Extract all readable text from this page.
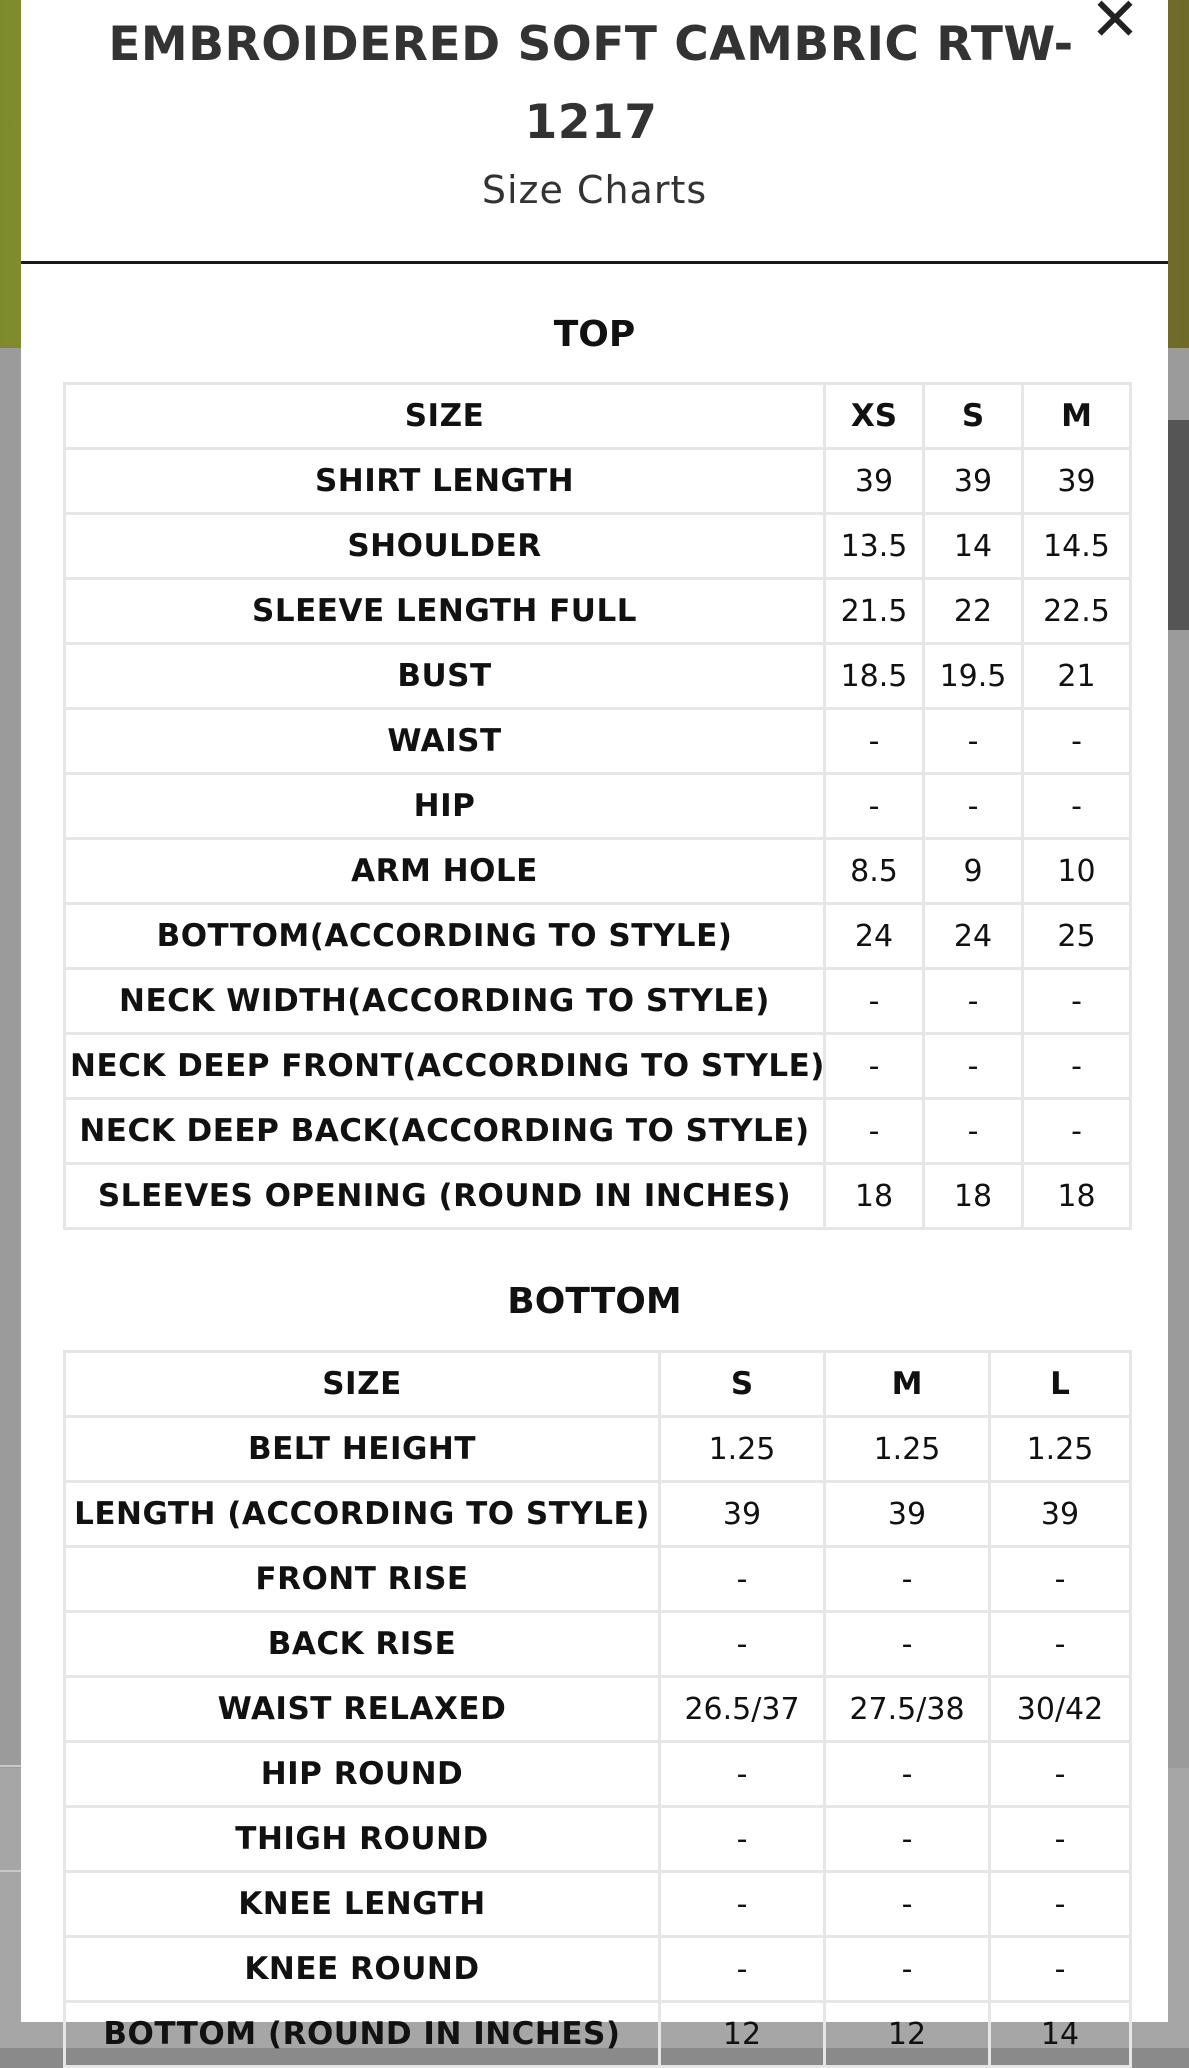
EMBROIDERED SOFT CAMBRIC RTW-1217
Size Charts
✕
TOP
SIZE	XS	S	M
SHIRT LENGTH	39	39	39
SHOULDER	13.5	14	14.5
SLEEVE LENGTH FULL	21.5	22	22.5
BUST	18.5	19.5	21
WAIST	-	-	-
HIP	-	-	-
ARM HOLE	8.5	9	10
BOTTOM(ACCORDING TO STYLE)	24	24	25
NECK WIDTH(ACCORDING TO STYLE)	-	-	-
NECK DEEP FRONT(ACCORDING TO STYLE)	-	-	-
NECK DEEP BACK(ACCORDING TO STYLE)	-	-	-
SLEEVES OPENING (ROUND IN INCHES)	18	18	18
BOTTOM
SIZE	S	M	L
BELT HEIGHT	1.25	1.25	1.25
LENGTH (ACCORDING TO STYLE)	39	39	39
FRONT RISE	-	-	-
BACK RISE	-	-	-
WAIST RELAXED	26.5/37	27.5/38	30/42
HIP ROUND	-	-	-
THIGH ROUND	-	-	-
KNEE LENGTH	-	-	-
KNEE ROUND	-	-	-
BOTTOM (ROUND IN INCHES)	12	12	14
